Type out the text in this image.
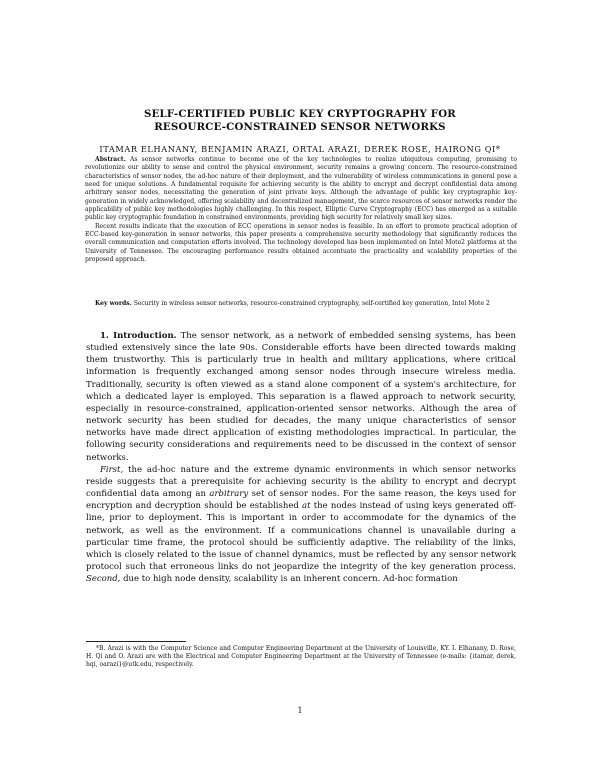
SELF-CERTIFIED PUBLIC KEY CRYPTOGRAPHY FOR
RESOURCE-CONSTRAINED SENSOR NETWORKS
ITAMAR ELHANANY, BENJAMIN ARAZI, ORTAL ARAZI, DEREK ROSE, HAIRONG QI*

Abstract. As sensor networks continue to become one of the key technologies to realize ubiquitous computing, promising to revolutionize our ability to sense and control the physical environment, security remains a growing concern. The resource-constrained characteristics of sensor nodes, the ad-hoc nature of their deployment, and the vulnerability of wireless communications in general pose a need for unique solutions. A fundamental requisite for achieving security is the ability to encrypt and decrypt confidential data among arbitrary sensor nodes, necessitating the generation of joint private keys. Although the advantage of public key cryptographic key-generation in widely acknowledged, offering scalability and decentralized management, the scarce resources of sensor networks render the applicability of public key methodologies highly challenging. In this respect, Elliptic Curve Cryptography (ECC) has emerged as a suitable public key cryptographic foundation in constrained environments, providing high security for relatively small key sizes.

Recent results indicate that the execution of ECC operations in sensor nodes is feasible. In an effort to promote practical adoption of ECC-based key-generation in sensor networks, this paper presents a comprehensive security methodology that significantly reduces the overall communication and computation efforts involved. The technology developed has been implemented on Intel Mote2 platforms at the University of Tennessee. The encouraging performance results obtained accentuate the practicality and scalability properties of the proposed approach.

Key words. Security in wireless sensor networks, resource-constrained cryptography, self-certified key generation, Intel Mote 2

1. Introduction. The sensor network, as a network of embedded sensing systems, has been studied extensively since the late 90s. Considerable efforts have been directed towards making them trustworthy. This is particularly true in health and military applications, where critical information is frequently exchanged among sensor nodes through insecure wireless media. Traditionally, security is often viewed as a stand alone component of a system's architecture, for which a dedicated layer is employed. This separation is a flawed approach to network security, especially in resource-constrained, application-oriented sensor networks. Although the area of network security has been studied for decades, the many unique characteristics of sensor networks have made direct application of existing methodologies impractical. In particular, the following security considerations and requirements need to be discussed in the context of sensor networks.

First, the ad-hoc nature and the extreme dynamic environments in which sensor networks reside suggests that a prerequisite for achieving security is the ability to encrypt and decrypt confidential data among an arbitrary set of sensor nodes. For the same reason, the keys used for encryption and decryption should be established at the nodes instead of using keys generated off-line, prior to deployment. This is important in order to accommodate for the dynamics of the network, as well as the environment. If a communications channel is unavailable during a particular time frame, the protocol should be sufficiently adaptive. The reliability of the links, which is closely related to the issue of channel dynamics, must be reflected by any sensor network protocol such that erroneous links do not jeopardize the integrity of the key generation process. Second, due to high node density, scalability is an inherent concern. Ad-hoc formation

*B. Arazi is with the Computer Science and Computer Engineering Department at the University of Louisville, KY. I. Elhanany, D. Rose, H. Qi and O. Arazi are with the Electrical and Computer Engineering Department at the University of Tennessee (e-mails: {itamar, derek, hqi, oarazi}@utk.edu, respectively.
1
